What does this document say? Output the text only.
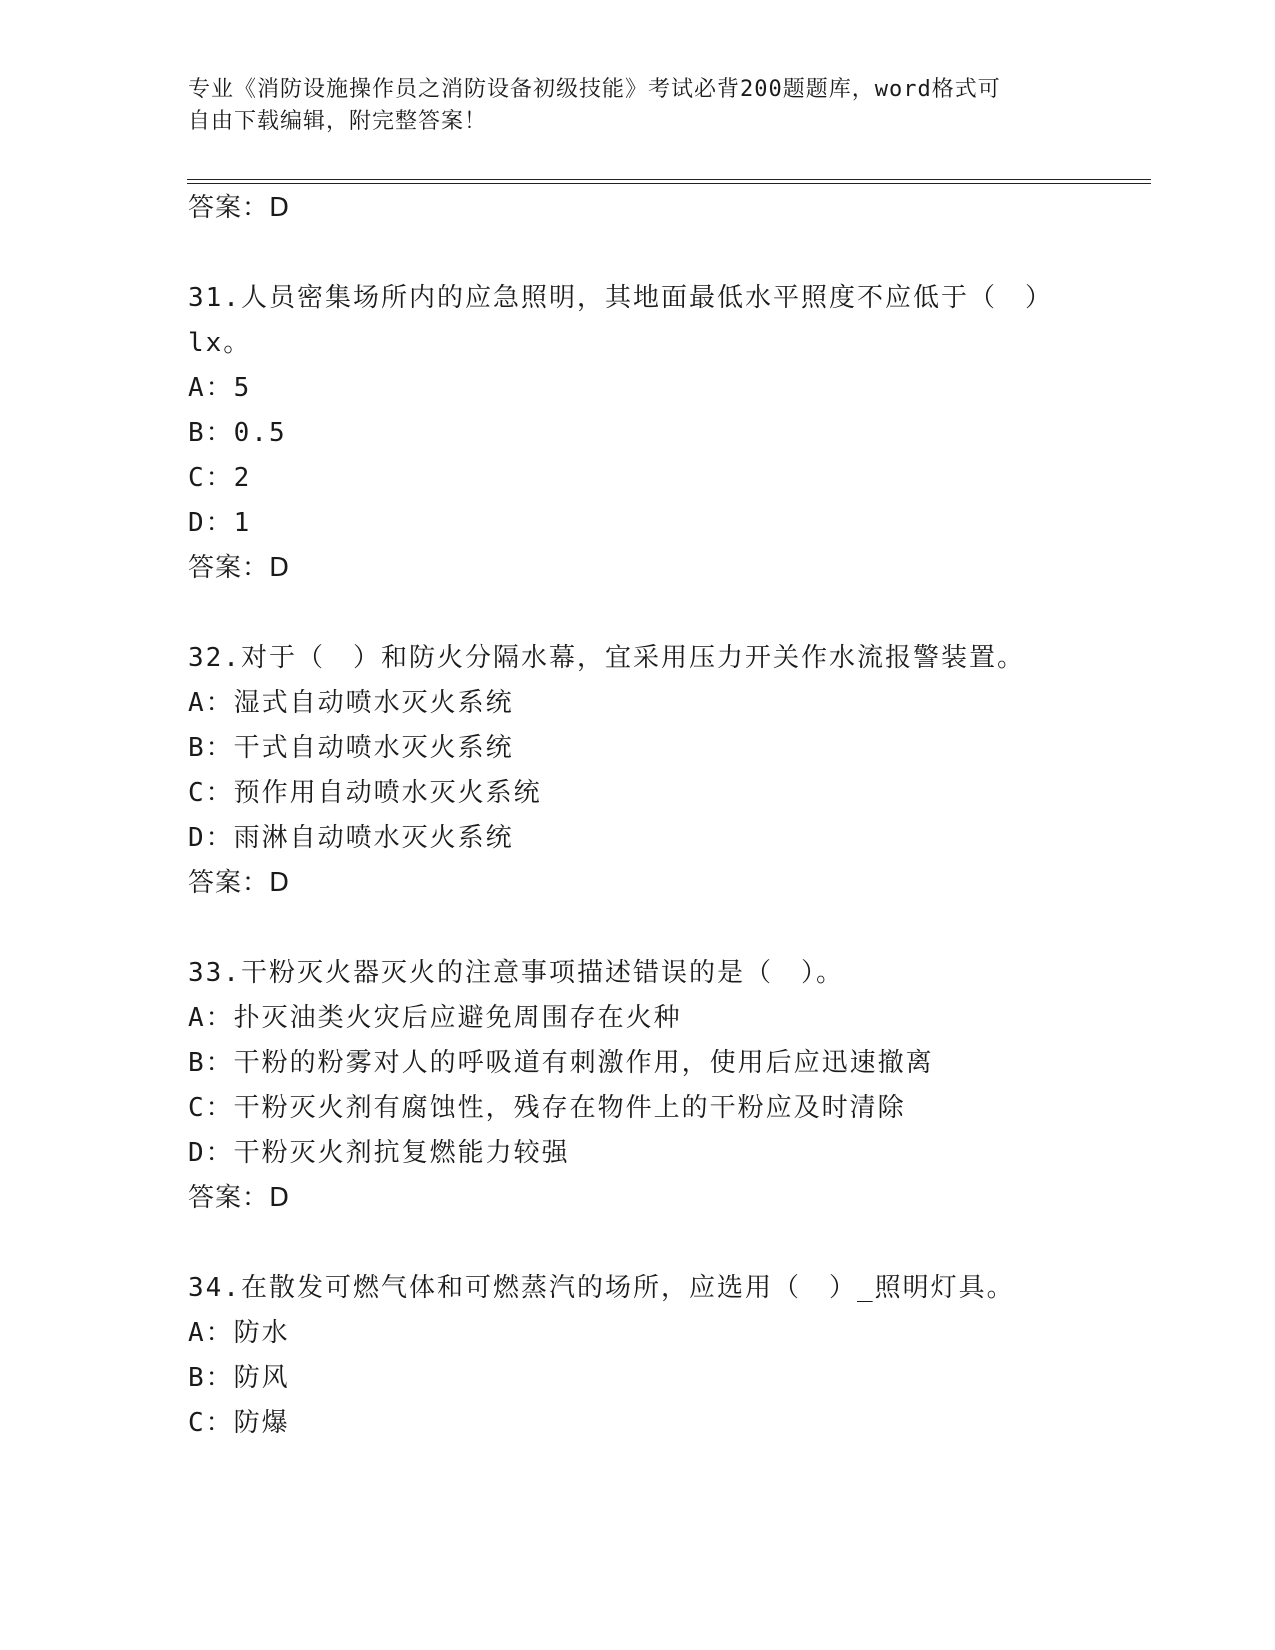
专业《消防设施操作员之消防设备初级技能》考试必背200题题库，word格式可
自由下载编辑，附完整答案！
答案：D
31.人员密集场所内的应急照明，其地面最低水平照度不应低于（　）
lx。
A：5
B：0.5
C：2
D：1
答案：D
32.对于（　）和防火分隔水幕，宜采用压力开关作水流报警装置。
A：湿式自动喷水灭火系统
B：干式自动喷水灭火系统
C：预作用自动喷水灭火系统
D：雨淋自动喷水灭火系统
答案：D
33.干粉灭火器灭火的注意事项描述错误的是（　）。
A：扑灭油类火灾后应避免周围存在火种
B：干粉的粉雾对人的呼吸道有刺激作用，使用后应迅速撤离
C：干粉灭火剂有腐蚀性，残存在物件上的干粉应及时清除
D：干粉灭火剂抗复燃能力较强
答案：D
34.在散发可燃气体和可燃蒸汽的场所，应选用（　）_照明灯具。
A：防水
B：防风
C：防爆
